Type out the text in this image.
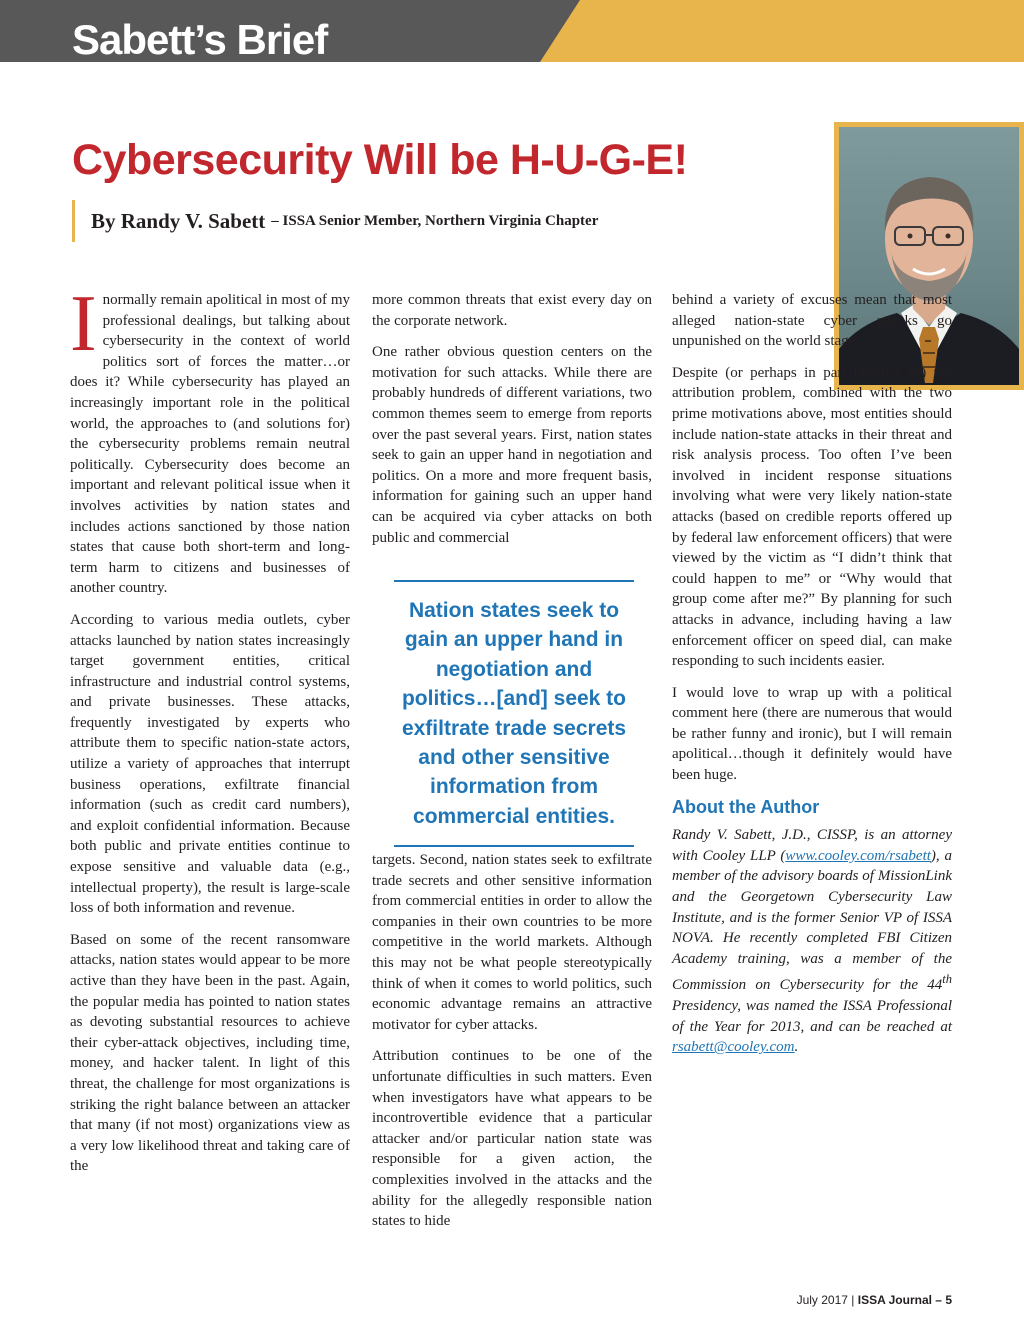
Sabett’s Brief
Cybersecurity Will be H-U-G-E!
By Randy V. Sabett – ISSA Senior Member, Northern Virginia Chapter

Inormally remain apolitical in most of my professional dealings, but talking about cybersecurity in the context of world politics sort of forces the matter…or does it? While cybersecurity has played an increasingly important role in the political world, the approaches to (and solutions for) the cybersecurity problems remain neutral politically. Cybersecurity does become an important and relevant political issue when it involves activities by nation states and includes actions sanctioned by those nation states that cause both short-term and long-term harm to citizens and businesses of another country.

According to various media outlets, cyber attacks launched by nation states increasingly target government entities, critical infrastructure and industrial control systems, and private businesses. These attacks, frequently investigated by experts who attribute them to specific nation-state actors, utilize a variety of approaches that interrupt business operations, exfiltrate financial information (such as credit card numbers), and exploit confidential information. Because both public and private entities continue to expose sensitive and valuable data (e.g., intellectual property), the result is large-scale loss of both information and revenue.

Based on some of the recent ransomware attacks, nation states would appear to be more active than they have been in the past. Again, the popular media has pointed to nation states as devoting substantial resources to achieve their cyber-attack objectives, including time, money, and hacker talent. In light of this threat, the challenge for most organizations is striking the right balance between an attacker that many (if not most) organizations view as a very low likelihood threat and taking care of the

more common threats that exist every day on the corporate network.

One rather obvious question centers on the motivation for such attacks. While there are probably hundreds of different variations, two common themes seem to emerge from reports over the past several years. First, nation states seek to gain an upper hand in negotiation and politics. On a more and more frequent basis, information for gaining such an upper hand can be acquired via cyber attacks on both public and commercial

Nation states seek to gain an upper hand in negotiation and politics…[and] seek to exfiltrate trade secrets and other sensitive information from commercial entities.

targets. Second, nation states seek to exfiltrate trade secrets and other sensitive information from commercial entities in order to allow the companies in their own countries to be more competitive in the world markets. Although this may not be what people stereotypically think of when it comes to world politics, such economic advantage remains an attractive motivator for cyber attacks.

Attribution continues to be one of the unfortunate difficulties in such matters. Even when investigators have what appears to be incontrovertible evidence that a particular attacker and/or particular nation state was responsible for a given action, the complexities involved in the attacks and the ability for the allegedly responsible nation states to hide

behind a variety of excuses mean that most alleged nation-state cyber attacks go unpunished on the world stage.

Despite (or perhaps in part because of) the attribution problem, combined with the two prime motivations above, most entities should include nation-state attacks in their threat and risk analysis process. Too often I’ve been involved in incident response situations involving what were very likely nation-state attacks (based on credible reports offered up by federal law enforcement officers) that were viewed by the victim as “I didn’t think that could happen to me” or “Why would that group come after me?” By planning for such attacks in advance, including having a law enforcement officer on speed dial, can make responding to such incidents easier.

I would love to wrap up with a political comment here (there are numerous that would be rather funny and ironic), but I will remain apolitical…though it definitely would have been huge.

About the Author

Randy V. Sabett, J.D., CISSP, is an attorney with Cooley LLP (www.cooley.com/rsabett), a member of the advisory boards of MissionLink and the Georgetown Cybersecurity Law Institute, and is the former Senior VP of ISSA NOVA. He recently completed FBI Citizen Academy training, was a member of the Commission on Cybersecurity for the 44th Presidency, was named the ISSA Professional of the Year for 2013, and can be reached at rsabett@cooley.com.

July 2017 | ISSA Journal – 5
